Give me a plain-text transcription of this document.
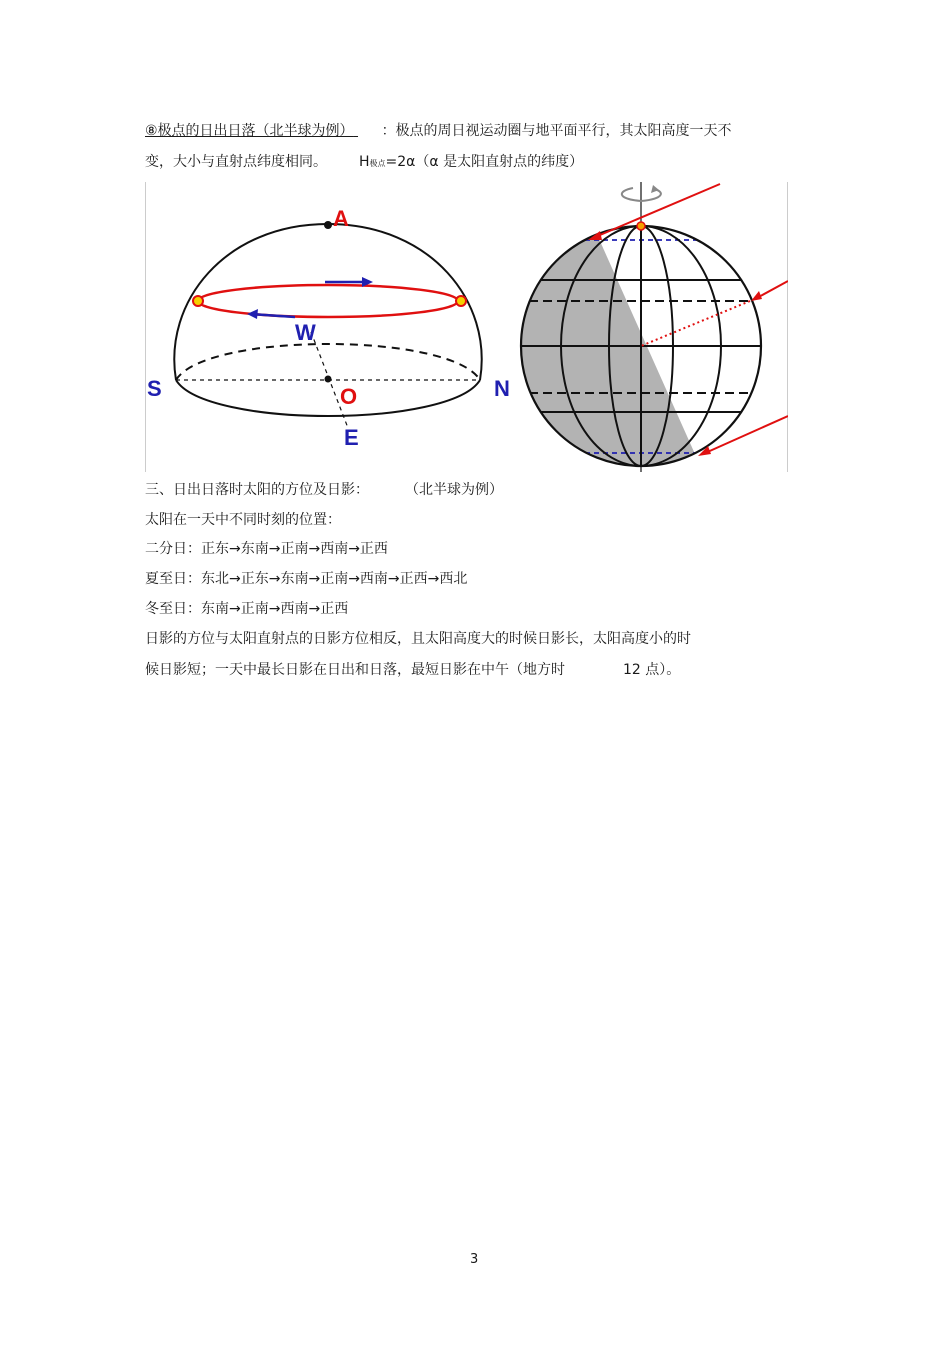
⑧极点的日出日落（北半球为例） ：极点的周日视运动圈与地平面平行，其太阳高度一天不
变，大小与直射点纬度相同。 H极点=2α（α 是太阳直射点的纬度）
A
W
S	N
O
E
三、日出日落时太阳的方位及日影：	（北半球为例）
太阳在一天中不同时刻的位置：
二分日：正东→东南→正南→西南→正西
夏至日：东北→正东→东南→正南→西南→正西→西北
冬至日：东南→正南→西南→正西
日影的方位与太阳直射点的日影方位相反，且太阳高度大的时候日影长，太阳高度小的时
候日影短；一天中最长日影在日出和日落，最短日影在中午（地方时	12 点）。
3
